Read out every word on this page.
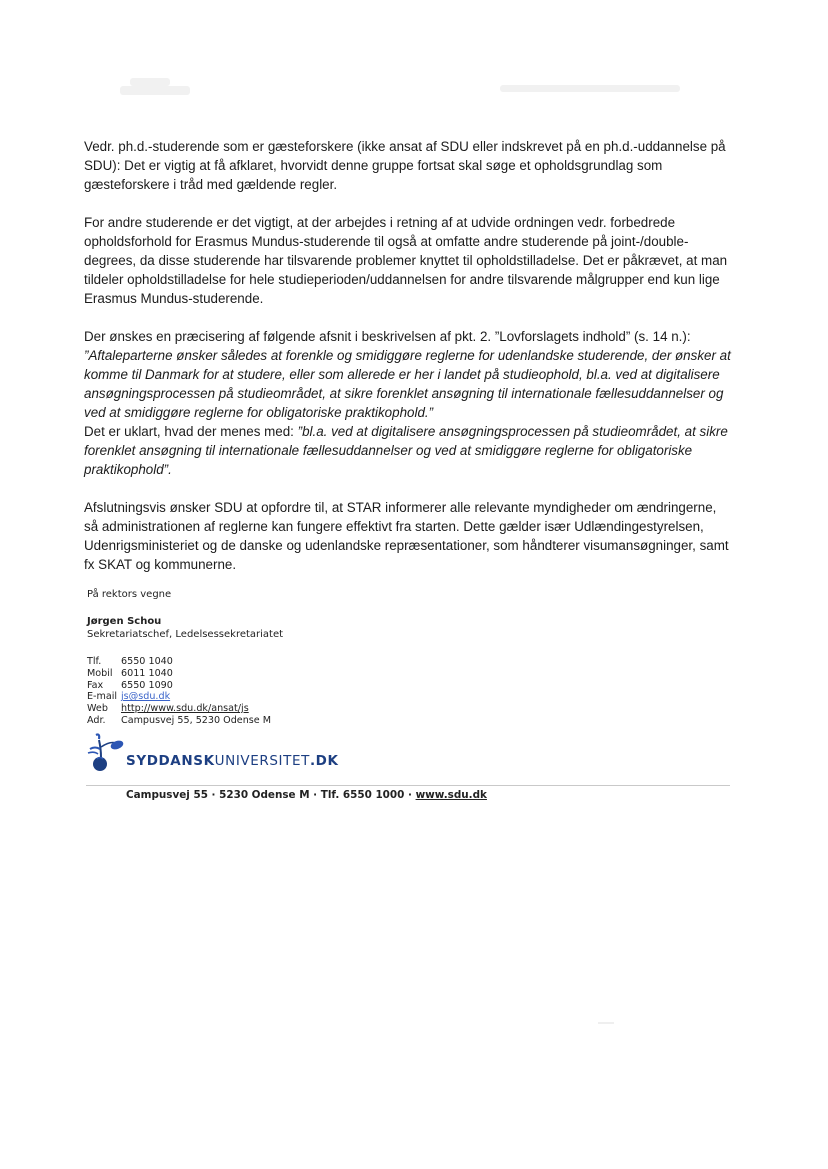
Vedr. ph.d.-studerende som er gæsteforskere (ikke ansat af SDU eller indskrevet på en ph.d.-uddannelse på SDU): Det er vigtig at få afklaret, hvorvidt denne gruppe fortsat skal søge et opholdsgrundlag som gæsteforskere i tråd med gældende regler.

For andre studerende er det vigtigt, at der arbejdes i retning af at udvide ordningen vedr. forbedrede opholdsforhold for Erasmus Mundus-studerende til også at omfatte andre studerende på joint-/double-degrees, da disse studerende har tilsvarende problemer knyttet til opholdstilladelse. Det er påkrævet, at man tildeler opholdstilladelse for hele studieperioden/uddannelsen for andre tilsvarende målgrupper end kun lige Erasmus Mundus-studerende.

Der ønskes en præcisering af følgende afsnit i beskrivelsen af pkt. 2. ”Lovforslagets indhold” (s. 14 n.):
”Aftaleparterne ønsker således at forenkle og smidiggøre reglerne for udenlandske studerende, der ønsker at komme til Danmark for at studere, eller som allerede er her i landet på studieophold, bl.a. ved at digitalisere ansøgningsprocessen på studieområdet, at sikre forenklet ansøgning til internationale fællesuddannelser og ved at smidiggøre reglerne for obligatoriske praktikophold.”
Det er uklart, hvad der menes med: ”bl.a. ved at digitalisere ansøgningsprocessen på studieområdet, at sikre forenklet ansøgning til internationale fællesuddannelser og ved at smidiggøre reglerne for obligatoriske praktikophold”.

Afslutningsvis ønsker SDU at opfordre til, at STAR informerer alle relevante myndigheder om ændringerne, så administrationen af reglerne kan fungere effektivt fra starten. Dette gælder især Udlændingestyrelsen, Udenrigsministeriet og de danske og udenlandske repræsentationer, som håndterer visumansøgninger, samt fx SKAT og kommunerne.

På rektors vegne

Jørgen Schou

Sekretariatschef, Ledelsessekretariatet

Tlf.	6550 1040
Mobil	6011 1040
Fax	6550 1090
E-mail	js@sdu.dk
Web	http://www.sdu.dk/ansat/js
Adr.	Campusvej 55, 5230 Odense M
SYDDANSKUNIVERSITET.DK
Campusvej 55 · 5230 Odense M · Tlf. 6550 1000 · www.sdu.dk
